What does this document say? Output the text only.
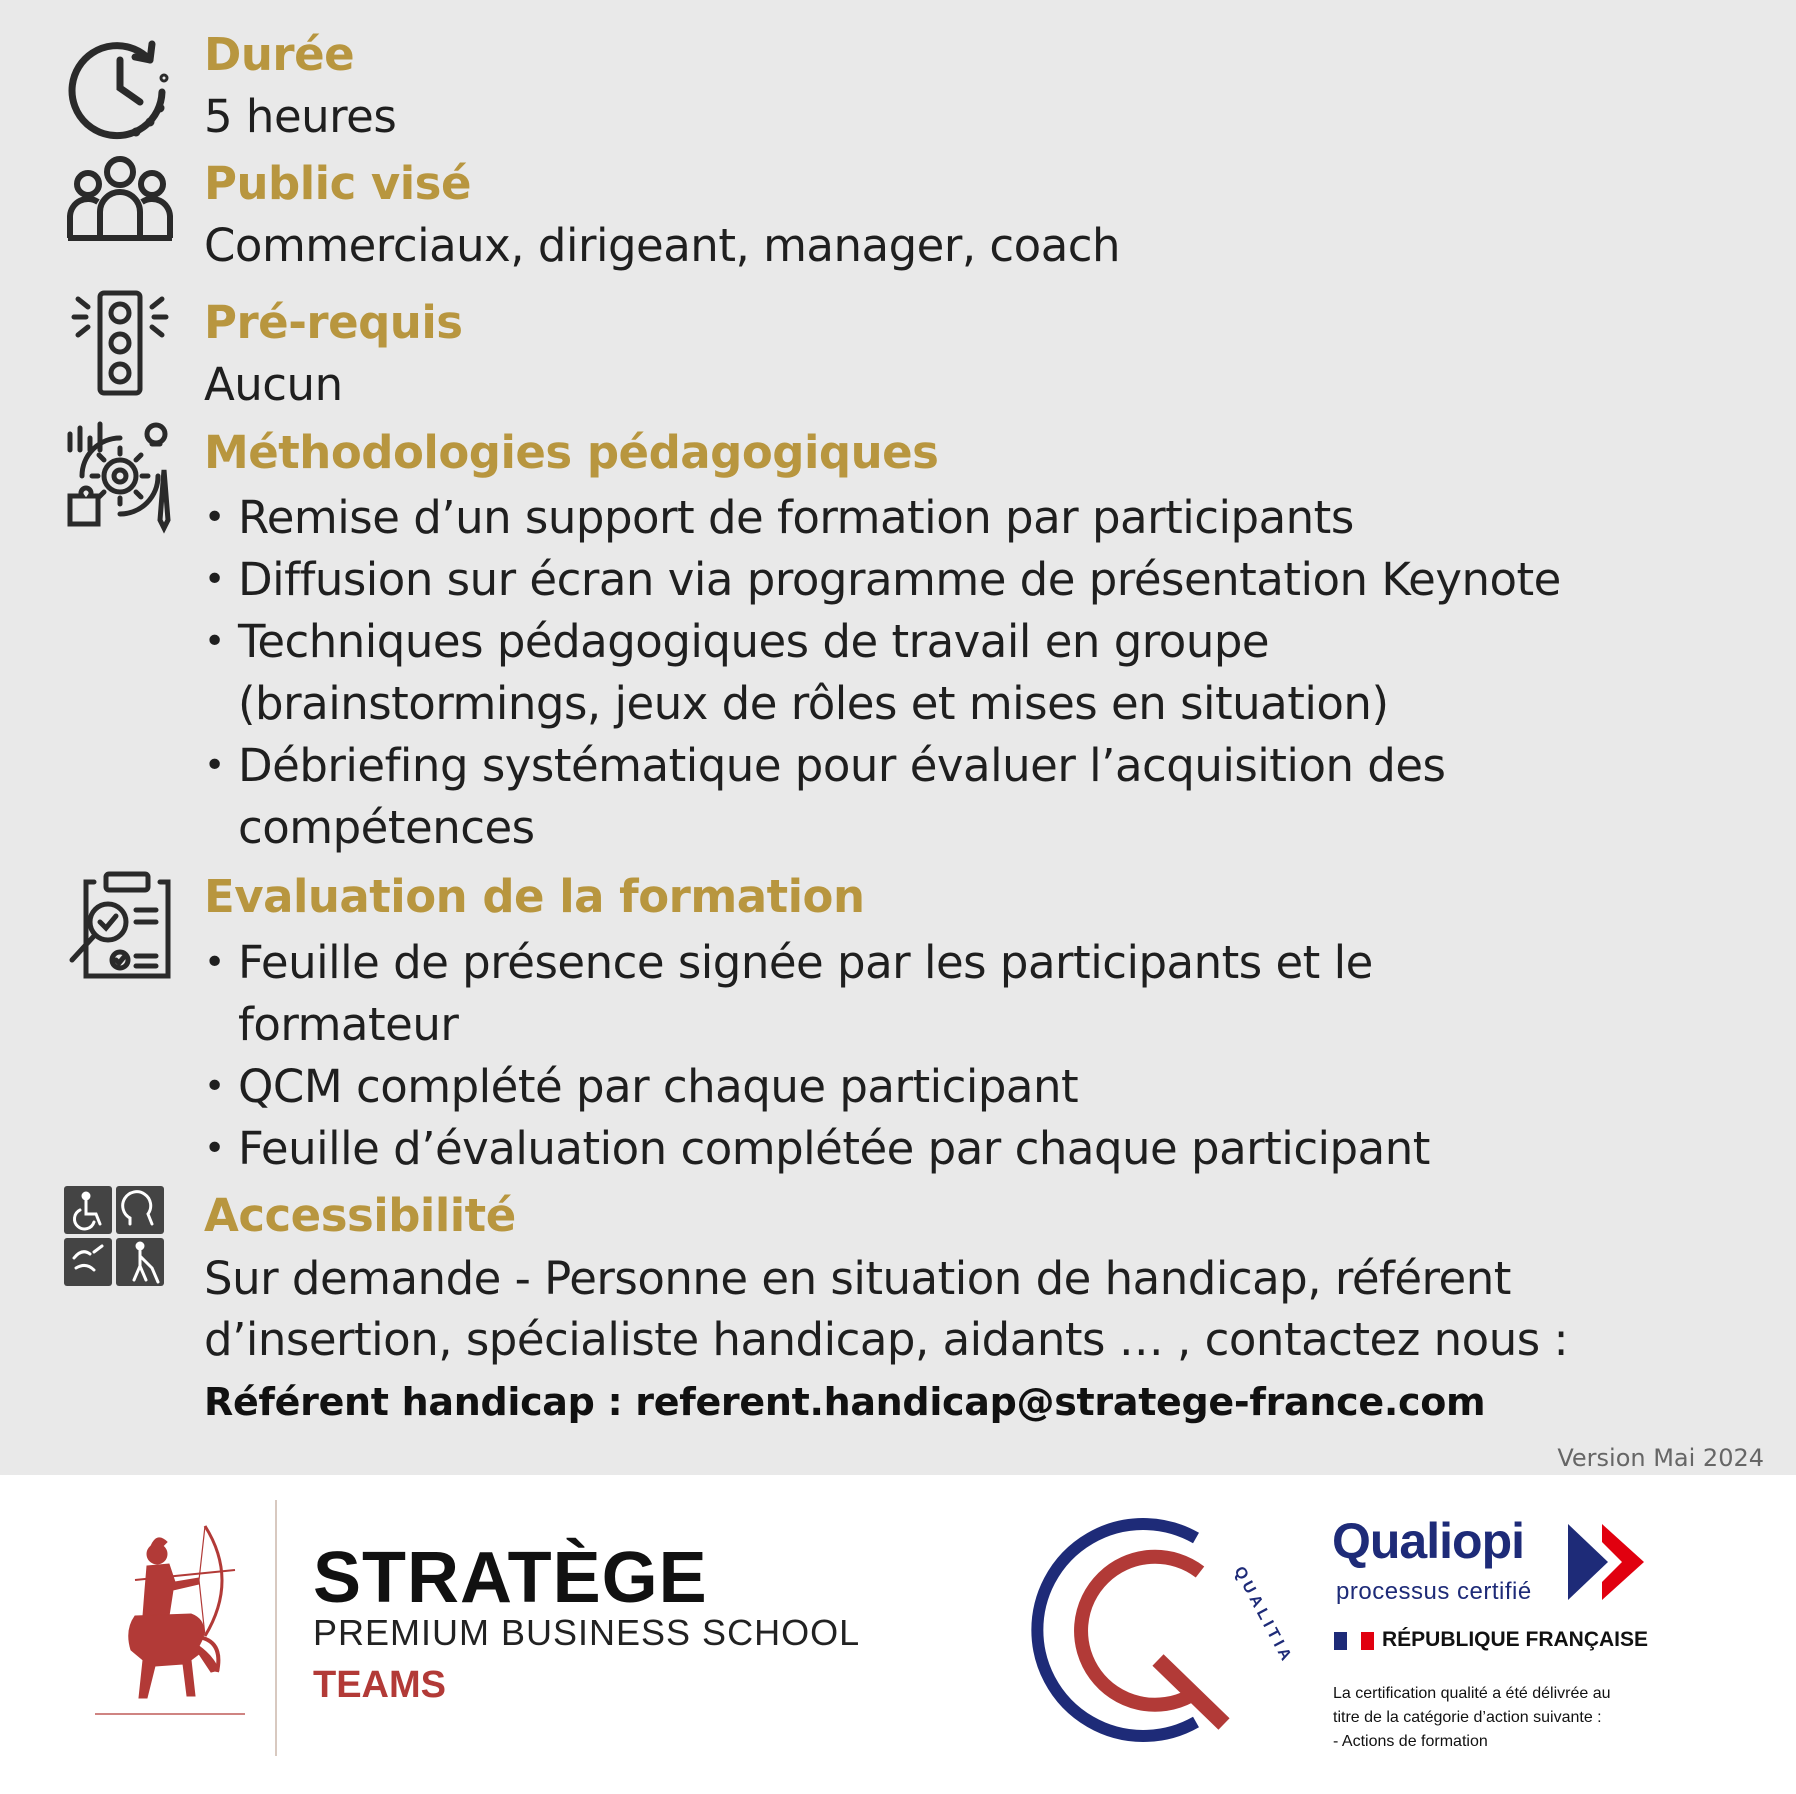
Durée
5 heures
Public visé
Commerciaux, dirigeant, manager, coach
Pré-requis
Aucun
Méthodologies pédagogiques
• Remise d’un support de formation par participants
• Diffusion sur écran via programme de présentation Keynote
• Techniques pédagogiques de travail en groupe (brainstormings, jeux de rôles et mises en situation)
• Débriefing systématique pour évaluer l’acquisition des compétences
Evaluation de la formation
• Feuille de présence signée par les participants et le formateur
• QCM complété par chaque participant
• Feuille d’évaluation complétée par chaque participant
Accessibilité
Sur demande - Personne en situation de handicap, référent
d’insertion, spécialiste handicap, aidants … , contactez nous :
Référent handicap : referent.handicap@stratege-france.com
Version Mai 2024
STRATÈGE
PREMIUM BUSINESS SCHOOL
TEAMS
QUALITIA
Qualiopi
processus certifié
RÉPUBLIQUE FRANÇAISE
La certification qualité a été délivrée au
titre de la catégorie d’action suivante :
- Actions de formation
